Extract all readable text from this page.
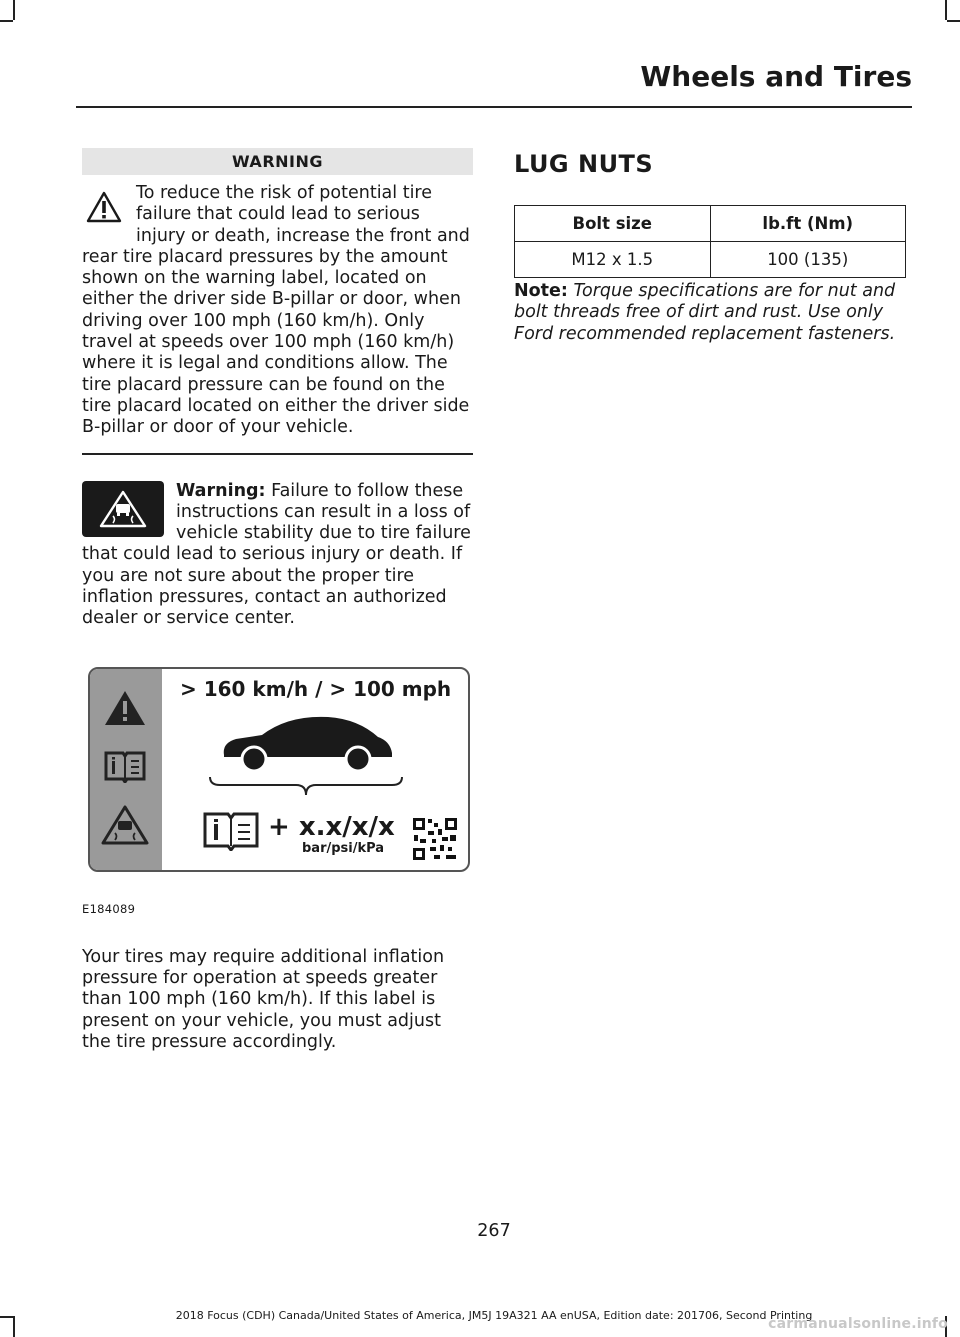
Wheels and Tires
WARNING

To reduce the risk of potential tire failure that could lead to serious injury or death, increase the front and rear tire placard pressures by the amount shown on the warning label, located on either the driver side B-pillar or door, when driving over 100 mph (160 km/h). Only travel at speeds over 100 mph (160 km/h) where it is legal and conditions allow. The tire placard pressure can be found on the tire placard located on either the driver side B-pillar or door of your vehicle.

Warning: Failure to follow these instructions can result in a loss of vehicle stability due to tire failure that could lead to serious injury or death. If you are not sure about the proper tire inflation pressures, contact an authorized dealer or service center.
> 160 km/h / > 100 mph
+ x.x/x/x
bar/psi/kPa
E184089

Your tires may require additional inflation pressure for operation at speeds greater than 100 mph (160 km/h). If this label is present on your vehicle, you must adjust the tire pressure accordingly.

LUG NUTS
Bolt size	lb.ft (Nm)
M12 x 1.5	100 (135)

Note: Torque specifications are for nut and bolt threads free of dirt and rust. Use only Ford recommended replacement fasteners.

267
2018 Focus (CDH) Canada/United States of America, JM5J 19A321 AA enUSA, Edition date: 201706, Second Printing
carmanualsonline.info
